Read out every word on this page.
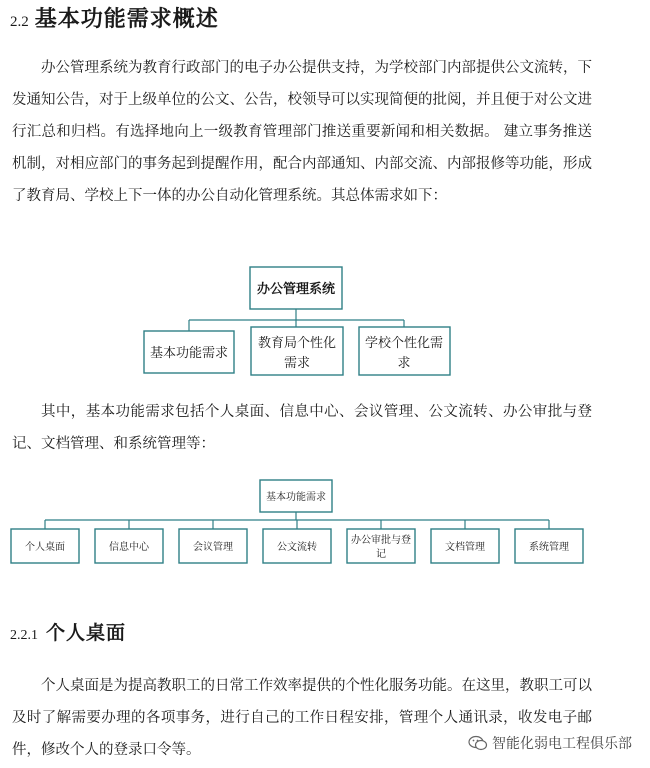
2.2 基本功能需求概述

办公管理系统为教育行政部门的电子办公提供支持，为学校部门内部提供公文流转，下发通知公告，对于上级单位的公文、公告，校领导可以实现简便的批阅，并且便于对公文进行汇总和归档。有选择地向上一级教育管理部门推送重要新闻和相关数据。 建立事务推送机制，对相应部门的事务起到提醒作用，配合内部通知、内部交流、内部报修等功能，形成了教育局、学校上下一体的办公自动化管理系统。其总体需求如下：

办公管理系统
基本功能需求
教育局个性化
需求
学校个性化需
求
基本功能需求
个人桌面	信息中心	会议管理	公文流转
办公审批与登
记
文档管理	系统管理

其中，基本功能需求包括个人桌面、信息中心、会议管理、公文流转、办公审批与登记、文档管理、和系统管理等：

2.2.1 个人桌面

个人桌面是为提高教职工的日常工作效率提供的个性化服务功能。在这里，教职工可以及时了解需要办理的各项事务，进行自己的工作日程安排，管理个人通讯录，收发电子邮件，修改个人的登录口令等。	智能化弱电工程俱乐部
